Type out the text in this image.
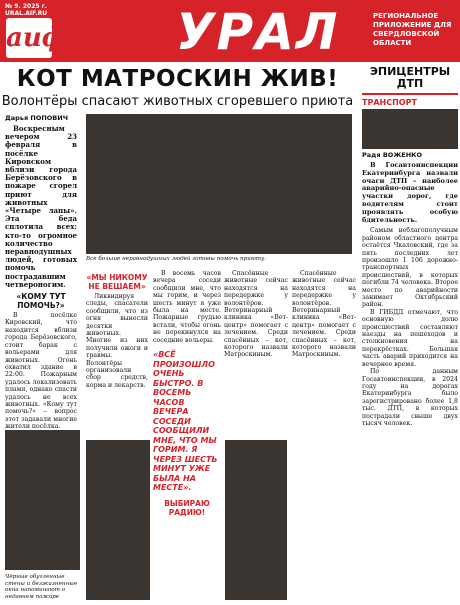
№ 9. 2025 г.
URAL.AIF.RU
аиф УРАЛ	РЕГИОНАЛЬНОЕ ПРИЛОЖЕНИЕ ДЛЯ СВЕРДЛОВСКОЙ ОБЛАСТИ
КОТ МАТРОСКИН ЖИВ!
Волонтёры спасают животных сгоревшего приюта
ЭПИЦЕНТРЫ ДТП
ТРАНСПОРТ
Радя ВОЖЕНКО

В Госавтоинспекции Екатеринбурга назвали очаги ДТП – наиболее аварийно-опасные участки дорог, где водителям стоит проявлять особую бдительность.

Самым неблагополучным районом областного центра остаётся Чкаловский, где за пять последних лет произошло 1 106 дорожно-транспортных происшествий, в которых погибли 74 человека. Второе место по аварийности занимает Октябрьский район.

В ГИБДД отмечают, что основную долю происшествий составляют наезды на пешеходов и столкновения на перекрёстках. Большая часть аварий приходится на вечернее время.

По данным Госавтоинспекции, в 2024 году на дорогах Екатеринбурга было зарегистрировано более 1,8 тыс. ДТП, в которых пострадали свыше двух тысяч человек.

Дарья ПОПОВИЧ

Воскресным вечером 23 февраля в посёлке Кировском вблизи города Берёзовского в пожаре сгорел приют для животных «Четыре лапы». Эта беда сплотила всех: кто-то огромное количество неравнодушных людей, готовых помочь пострадавшим четвероногим.

«КОМУ ТУТ ПОМОЧЬ?»

В посёлке Кировский, что находится вблизи города Берёзовского, стоит барак с вольерами для животных. Огонь охватил здание в 22:00. Пожарным удалось локализовать пламя, однако спасти удалось не всех животных. «Кому тут помочь?» – вопрос этот задавали многие жители посёлка.

Чёрные обугленные стены и безжизненные окна напоминают о недавнем пожаре
Все больше неравнодушных людей готовы помочь приюту.
«МЫ НИКОМУ НЕ ВЕШАЕМ»

Ликвидируя следы, спасатели сообщили, что из огня вынесли десятки животных. Многие из них получили ожоги и травмы. Волонтёры организовали сбор средств, корма и лекарств.

В восемь часов вечера соседи сообщили мне, что мы горим, и через шесть минут я уже была на месте. Пожарные грудью встали, чтобы огонь не перекинулся на соседние вольеры.

«ВСЁ ПРОИЗОШЛО ОЧЕНЬ БЫСТРО. В ВОСЕМЬ ЧАСОВ ВЕЧЕРА СОСЕДИ СООБЩИЛИ МНЕ, ЧТО МЫ ГОРИМ. Я ЧЕРЕЗ ШЕСТЬ МИНУТ УЖЕ БЫЛА НА МЕСТЕ».
ВЫБИРАЮ РАДИЮ!

Спасённые животные сейчас находятся на передержке у волонтёров. Ветеринарный клиника «Вет-центр» помогает с лечением. Среди спасённых – кот, которого назвали Матроскиным.

Спасённые животные сейчас находятся на передержке у волонтёров. Ветеринарный клиника «Вет-центр» помогает с лечением. Среди спасённых – кот, которого назвали Матроскиным.
